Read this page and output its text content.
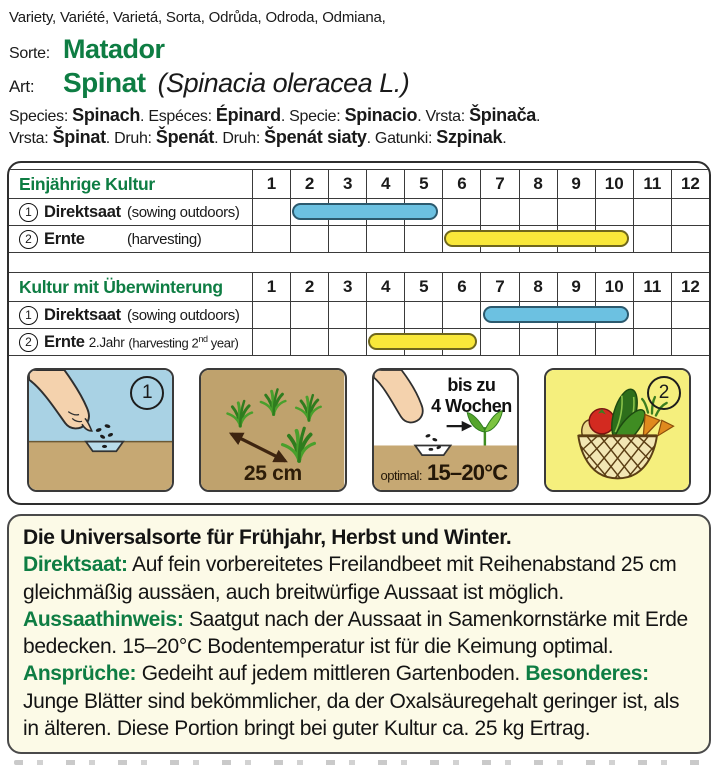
Variety, Variété, Varietá, Sorta, Odrůda, Odroda, Odmiana,
Sorte: Matador
Art:	Spinat (Spinacia oleracea L.)
Species: Spinach. Espéces: Épinard. Specie: Spinacio. Vrsta: Špinača.
Vrsta: Špinat. Druh: Špenát. Druh: Špenát siaty. Gatunki: Szpinak.
Einjährige Kultur	1	2	3	4	5	6	7	8	9	10	11	12
1 Direktsaat (sowing outdoors)
2 Ernte	(harvesting)
Kultur mit Überwinterung	1	2	3	4	5	6	7	8	9	10	11	12
1 Direktsaat (sowing outdoors)
2 Ernte 2.Jahr (harvesting 2nd year)
1
25 cm
bis zu
4 Wochen
optimal: 15–20°C
2

Die Universalsorte für Frühjahr, Herbst und Winter.

Direktsaat: Auf fein vorbereitetes Freilandbeet mit Reihenabstand 25 cm gleichmäßig aussäen, auch breitwürfige Aussaat ist möglich.

Aussaathinweis: Saatgut nach der Aussaat in Samenkornstärke mit Erde bedecken. 15–20°C Bodentemperatur ist für die Keimung optimal.

Ansprüche: Gedeiht auf jedem mittleren Gartenboden. Besonderes: Junge Blätter sind bekömmlicher, da der Oxalsäuregehalt geringer ist, als in älteren. Diese Portion bringt bei guter Kultur ca. 25 kg Ertrag.
